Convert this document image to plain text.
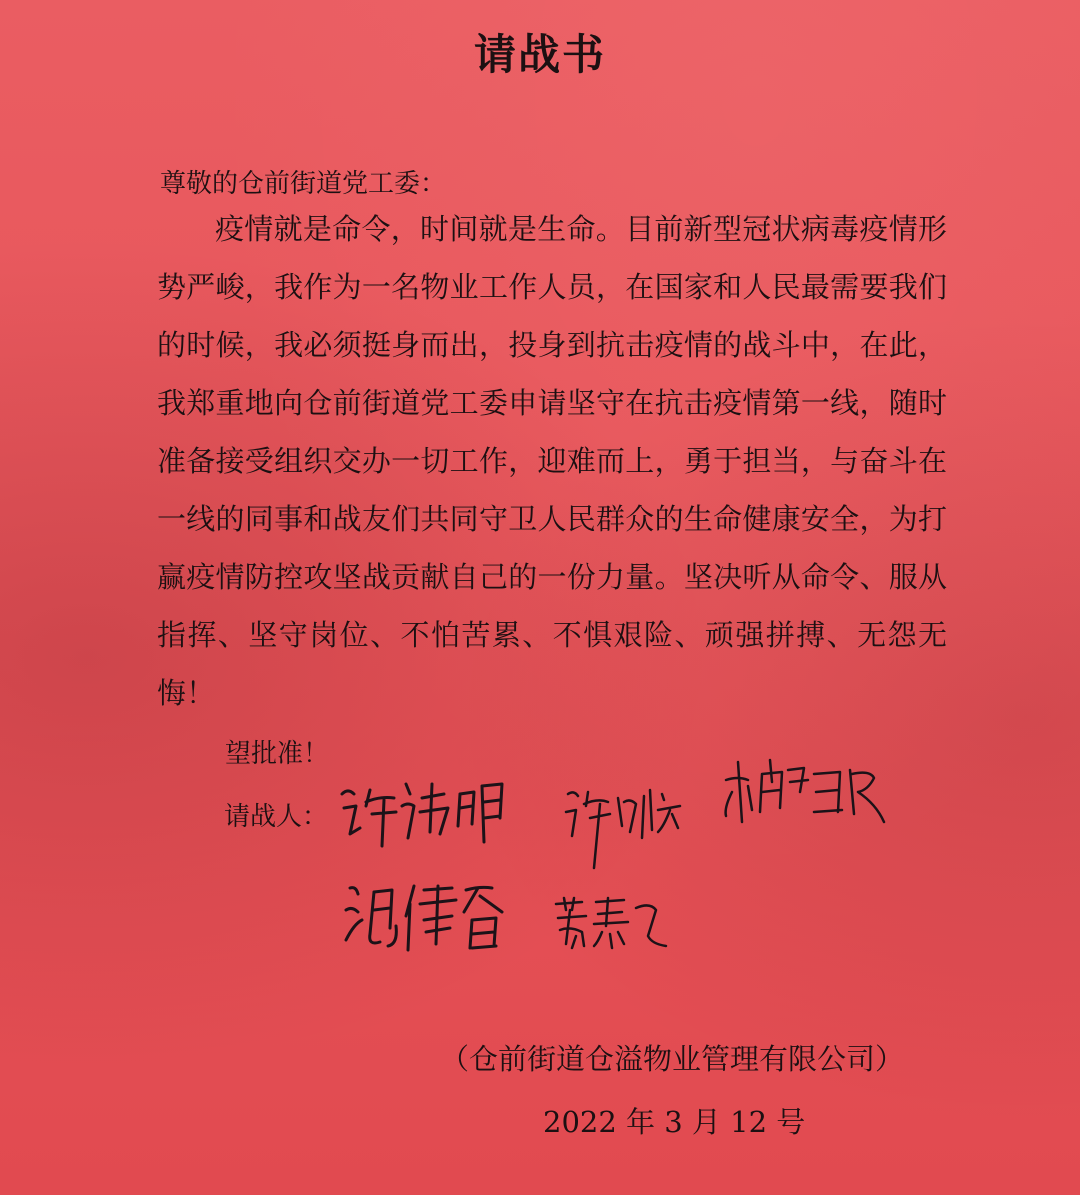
请战书
尊敬的仓前街道党工委：

疫情就是命令，时间就是生命。目前新型冠状病毒疫情形势严峻，我作为一名物业工作人员，在国家和人民最需要我们的时候，我必须挺身而出，投身到抗击疫情的战斗中，在此，我郑重地向仓前街道党工委申请坚守在抗击疫情第一线，随时准备接受组织交办一切工作，迎难而上，勇于担当，与奋斗在一线的同事和战友们共同守卫人民群众的生命健康安全，为打赢疫情防控攻坚战贡献自己的一份力量。坚决听从命令、服从指挥、坚守岗位、不怕苦累、不惧艰险、顽强拼搏、无怨无悔！

望批准！
请战人：
（仓前街道仓溢物业管理有限公司）
2022 年 3 月 12 号
